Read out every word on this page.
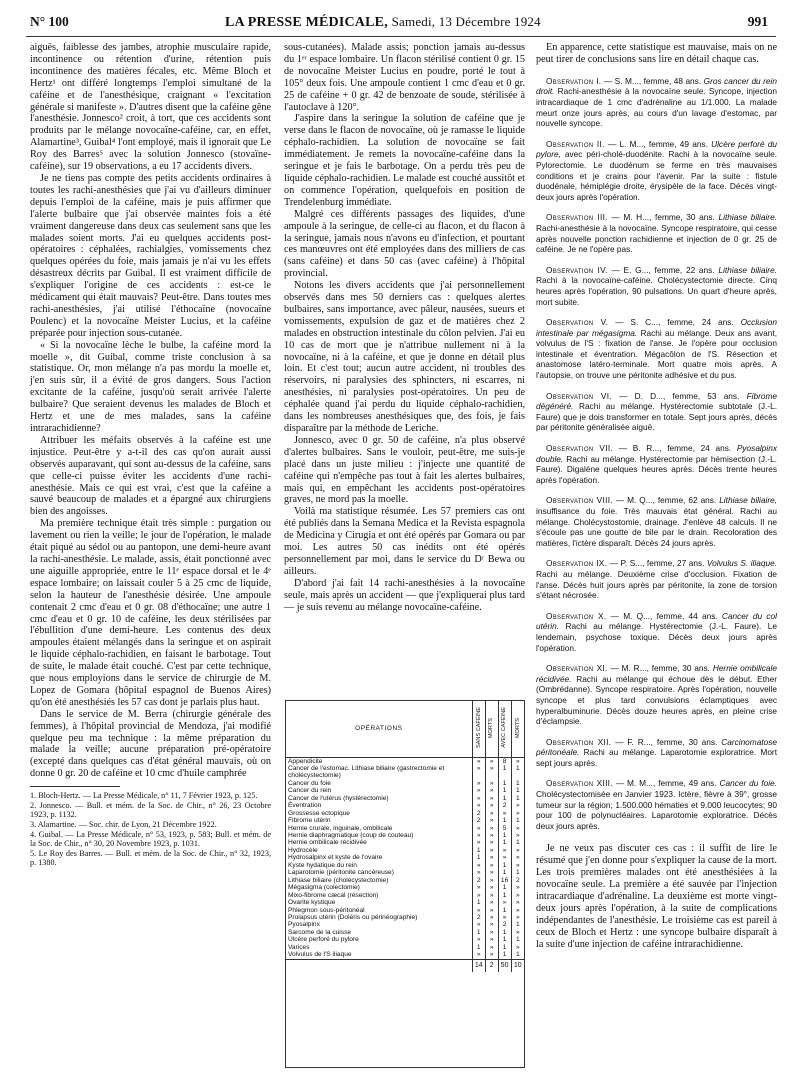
N° 100	LA PRESSE MÉDICALE, Samedi, 13 Décembre 1924	991

aiguës, faiblesse des jambes, atrophie musculaire rapide, incontinence ou rétention d'urine, rétention puis incontinence des matières fécales, etc. Même Bloch et Hertz¹ ont différé longtemps l'emploi simultané de la caféine et de l'anesthésique, craignant « l'excitation générale si manifeste ». D'autres disent que la caféine gêne l'anesthésie. Jonnesco² croit, à tort, que ces accidents sont produits par le mélange novocaïne-caféine, car, en effet, Alamartine³, Guibal⁴ l'ont employé, mais il ignorait que Le Roy des Barres⁵ avec la solution Jonnesco (stovaïne-caféine), sur 19 observations, a eu 17 accidents divers.

Je ne tiens pas compte des petits accidents ordinaires à toutes les rachi-anesthésies que j'ai vu d'ailleurs diminuer depuis l'emploi de la caféine, mais je puis affirmer que l'alerte bulbaire que j'ai observée maintes fois a été vraiment dangereuse dans deux cas seulement sans que les malades soient morts. J'ai eu quelques accidents post-opératoires : céphalées, rachialgies, vomissements chez quelques opérées du foie, mais jamais je n'ai vu les effets désastreux décrits par Guibal. Il est vraiment difficile de s'expliquer l'origine de ces accidents : est-ce le médicament qui était mauvais? Peut-être. Dans toutes mes rachi-anesthésies, j'ai utilisé l'éthocaïne (novocaïne Poulenc) et la novocaïne Meister Lucius, et la caféine préparée pour injection sous-cutanée.

« Si la novocaïne lèche le bulbe, la caféine mord la moelle », dit Guibal, comme triste conclusion à sa statistique. Or, mon mélange n'a pas mordu la moelle et, j'en suis sûr, il a évité de gros dangers. Sous l'action excitante de la caféine, jusqu'où serait arrivée l'alerte bulbaire? Que seraient devenus les malades de Bloch et Hertz et une de mes malades, sans la caféine intrarachidienne?

Attribuer les méfaits observés à la caféine est une injustice. Peut-être y a-t-il des cas qu'on aurait aussi observés auparavant, qui sont au-dessus de la caféine, sans que celle-ci puisse éviter les accidents d'une rachi-anesthésie. Mais ce qui est vrai, c'est que la caféine a sauvé beaucoup de malades et a épargné aux chirurgiens bien des angoisses.

Ma première technique était très simple : purgation ou lavement ou rien la veille; le jour de l'opération, le malade était piqué au sédol ou au pantopon, une demi-heure avant la rachi-anesthésie. Le malade, assis, était ponctionné avec une aiguille appropriée, entre le 11ᵉ espace dorsal et le 4ᵉ espace lombaire; on laissait couler 5 à 25 cmc de liquide, selon la hauteur de l'anesthésie désirée. Une ampoule contenait 2 cmc d'eau et 0 gr. 08 d'éthocaïne; une autre 1 cmc d'eau et 0 gr. 10 de caféine, les deux stérilisées par l'ébullition d'une demi-heure. Les contenus des deux ampoules étaient mélangés dans la seringue et on aspirait le liquide céphalo-rachidien, en faisant le barbotage. Tout de suite, le malade était couché. C'est par cette technique, que nous employions dans le service de chirurgie de M. Lopez de Gomara (hôpital espagnol de Buenos Aires) qu'on été anesthésiés les 57 cas dont je parlais plus haut.

Dans le service de M. Berra (chirurgie générale des femmes), à l'hôpital provincial de Mendoza, j'ai modifié quelque peu ma technique : la même préparation du malade la veille; aucune préparation pré-opératoire (excepté dans quelques cas d'état général mauvais, où on donne 0 gr. 20 de caféine et 10 cmc d'huile camphrée

1. Bloch-Hertz. — La Presse Médicale, n° 11, 7 Février 1923, p. 125.

2. Jonnesco. — Bull. et mém. de la Soc. de Chir., n° 26, 23 Octobre 1923, p. 1132.

3. Alamartine. — Soc. chir. de Lyon, 21 Décembre 1922.

4. Guibal. — La Presse Médicale, n° 53, 1923, p. 583; Bull. et mém. de la Soc. de Chir., n° 30, 20 Novembre 1923, p. 1031.

5. Le Roy des Barres. — Bull. et mém. de la Soc. de Chir., n° 32, 1923, p. 1380.

sous-cutanées). Malade assis; ponction jamais au-dessus du 1ᵉʳ espace lombaire. Un flacon stérilisé contient 0 gr. 15 de novocaïne Meister Lucius en poudre, porté le tout à 105° deux fois. Une ampoule contient 1 cmc d'eau et 0 gr. 25 de caféine + 0 gr. 42 de benzoate de soude, stérilisée à l'autoclave à 120°.

J'aspire dans la seringue la solution de caféine que je verse dans le flacon de novocaïne, où je ramasse le liquide céphalo-rachidien. La solution de novocaïne se fait immédiatement. Je remets la novocaïne-caféine dans la seringue et je fais le barbotage. On a perdu très peu de liquide céphalo-rachidien. Le malade est couché aussitôt et on commence l'opération, quelquefois en position de Trendelenburg immédiate.

Malgré ces différents passages des liquides, d'une ampoule à la seringue, de celle-ci au flacon, et du flacon à la seringue, jamais nous n'avons eu d'infection, et pourtant ces manœuvres ont été employées dans des milliers de cas (sans caféine) et dans 50 cas (avec caféine) à l'hôpital provincial.

Notons les divers accidents que j'ai personnellement observés dans mes 50 derniers cas : quelques alertes bulbaires, sans importance, avec pâleur, nausées, sueurs et vomissements, expulsion de gaz et de matières chez 2 malades en obstruction intestinale du côlon pelvien. J'ai eu 10 cas de mort que je n'attribue nullement ni à la novocaïne, ni à la caféine, et que je donne en détail plus loin. Et c'est tout; aucun autre accident, ni troubles des réservoirs, ni paralysies des sphincters, ni escarres, ni anesthésies, ni paralysies post-opératoires. Un peu de céphalée quand j'ai perdu du liquide céphalo-rachidien, dans les nombreuses anesthésiques que, des fois, je fais disparaître par la méthode de Leriche.

Jonnesco, avec 0 gr. 50 de caféine, n'a plus observé d'alertes bulbaires. Sans le vouloir, peut-être, me suis-je placé dans un juste milieu : j'injecte une quantité de caféine qui n'empêche pas tout à fait les alertes bulbaires, mais qui, en empêchant les accidents post-opératoires graves, ne mord pas la moelle.

Voilà ma statistique résumée. Les 57 premiers cas ont été publiés dans la Semana Medica et la Revista espagnola de Medicina y Cirugia et ont été opérés par Gomara ou par moi. Les autres 50 cas inédits ont été opérés personnellement par moi, dans le service du Dʳ Bewa ou ailleurs.

D'abord j'ai fait 14 rachi-anesthésies à la novocaïne seule, mais après un accident — que j'expliquerai plus tard — je suis revenu au mélange novocaïne-caféine.

OPÉRATIONS	SANS CAFÉINE	MORTS	AVEC CAFÉINE	MORTS
Appendicite	»	»	8	»
Cancer de l'estomac. Lithiase biliaire (gastrectomie et cholécystectomie)	»	»	1	1
Cancer du foie	»	»	1	1
Cancer du rein	»	»	1	1
Cancer de l'utérus (hystérectomie)	»	»	1	1
Éventration	»	»	2	»
Grossesse ectopique	2	»	»	»
Fibrome utérin	2	»	1	1
Hernie crurale, inguinale, ombilicale	»	»	5	»
Hernie diaphragmatique (coup de couteau)	»	»	1	»
Hernie ombilicale récidivée	»	»	1	1
Hydrocèle	1	»	»	»
Hydrosalpinx et kyste de l'ovaire	1	»	»	»
Kyste hydatique du rein	»	»	1	»
Laparotomie (péritonite cancéreuse)	»	»	1	1
Lithiase biliaire (cholécystectomie)	2	»	16	2
Mégasigma (colectomie)	»	»	1	»
Mixo-fibrome cæcal (résection)	»	»	1	»
Ovarite kystique	1	»	»	»
Phlegmon sous-péritonéal	»	»	1	»
Prolapsus utérin (Doléris ou périnéographie)	2	»	»	»
Pyosalpinx	»	»	2	1
Sarcome de la cuisse	1	»	1	»
Ulcère perforé du pylore	»	»	1	1
Varices	1	»	1	»
Volvulus de l'S iliaque	»	»	1	1
	14	2	50	10

En apparence, cette statistique est mauvaise, mais on ne peut tirer de conclusions sans lire en détail chaque cas.

Observation I. — S. M..., femme, 48 ans. Gros cancer du rein droit. Rachi-anesthésie à la novocaïne seule. Syncope, injection intracardiaque de 1 cmc d'adrénaline au 1/1.000. La malade meurt onze jours après, au cours d'un lavage d'estomac, par nouvelle syncope.

Observation II. — L. M..., femme, 49 ans. Ulcère perforé du pylore, avec péri-cholé-duodénite. Rachi à la novocaïne seule. Pylorectomie. Le duodénum se ferme en très mauvaises conditions et je crains pour l'avenir. Par la suite : fistule duodénale, hémiplégie droite, érysipèle de la face. Décès vingt-deux jours après l'opération.

Observation III. — M. H..., femme, 30 ans. Lithiase biliaire. Rachi-anesthésie à la novocaïne. Syncope respiratoire, qui cesse après nouvelle ponction rachidienne et injection de 0 gr. 25 de caféine. Je ne l'opère pas.

Observation IV. — E. G..., femme, 22 ans. Lithiase biliaire. Rachi à la novocaïne-caféine. Cholécystectomie directe. Cinq heures après l'opération, 90 pulsations. Un quart d'heure après, mort subite.

Observation V. — S. C..., femme, 24 ans. Occlusion intestinale par mégasigma. Rachi au mélange. Deux ans avant, volvulus de l'S : fixation de l'anse. Je l'opère pour occlusion intestinale et éventration. Mégacôlon de l'S. Résection et anastomose latéro-terminale. Mort quatre mois après. A l'autopsie, on trouve une péritonite adhésive et du pus.

Observation VI. — D. D..., femme, 53 ans. Fibrome dégénéré. Rachi au mélange. Hystérectomie subtotale (J.-L. Faure) que je dois transformer en totale. Sept jours après, décès par péritonite généralisée aiguë.

Observation VII. — B. R..., femme, 24 ans. Pyosalpinx double. Rachi au mélange. Hystérectomie par hémisection (J.-L. Faure). Digalène quelques heures après. Décès trente heures après l'opération.

Observation VIII. — M. Q..., femme, 62 ans. Lithiase biliaire, insuffisance du foie. Très mauvais état général. Rachi au mélange. Cholécystostomie, drainage. J'enlève 48 calculs. Il ne s'écoule pas une goutte de bile par le drain. Recoloration des matières, l'ictère disparaît. Décès 24 jours après.

Observation IX. — P. S..., femme, 27 ans. Volvulus S. iliaque. Rachi au mélange. Deuxième crise d'occlusion. Fixation de l'anse. Décès huit jours après par péritonite, la zone de torsion s'étant nécrosée.

Observation X. — M. Q..., femme, 44 ans. Cancer du col utérin. Rachi au mélange. Hystérectomie (J.-L. Faure). Le lendemain, psychose toxique. Décès deux jours après l'opération.

Observation XI. — M. R..., femme, 30 ans. Hernie ombilicale récidivée. Rachi au mélange qui échoue dès le début. Ether (Ombrédanne). Syncope respiratoire. Après l'opération, nouvelle syncope et plus tard convulsions éclamptiques avec hyperalbuminurie. Décès douze heures après, en pleine crise d'éclampsie.

Observation XII. — F. R..., femme, 30 ans. Carcinomatose péritonéale. Rachi au mélange. Laparotomie exploratrice. Mort sept jours après.

Observation XIII. — M. M..., femme, 49 ans. Cancer du foie. Cholécystectomisée en Janvier 1923. Ictère, fièvre à 39°, grosse tumeur sur la région; 1.500.000 hématies et 9.000 leucocytes; 90 pour 100 de polynucléaires. Laparotomie exploratrice. Décès deux jours après.

Je ne veux pas discuter ces cas : il suffit de lire le résumé que j'en donne pour s'expliquer la cause de la mort. Les trois premières malades ont été anesthésiées à la novocaïne seule. La première a été sauvée par l'injection intracardiaque d'adrénaline. La deuxième est morte vingt-deux jours après l'opération, à la suite de complications indépendantes de l'anesthésie. Le troisième cas est pareil à ceux de Bloch et Hertz : une syncope bulbaire disparaît à la suite d'une injection de caféine intrarachidienne.
